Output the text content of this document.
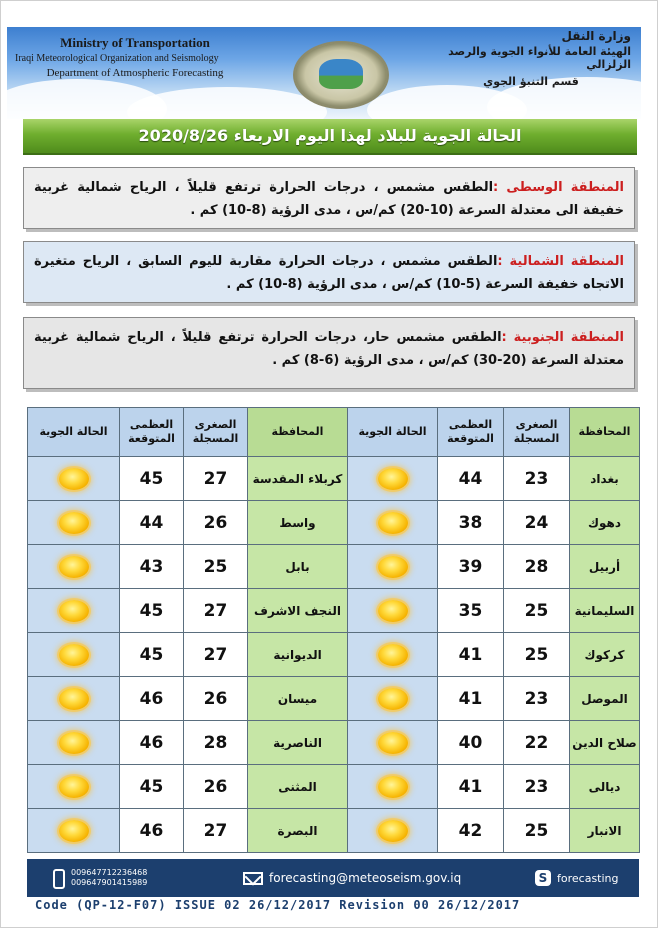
Ministry of Transportation
Iraqi Meteorological Organization and Seismology
Department of Atmospheric Forecasting
وزارة النقل
الهيئة العامة للأنواء الجوية والرصد الزلزالي
قسم التنبؤ الجوي
الحالة الجوية للبلاد لهذا اليوم الاربعاء 2020/8/26
المنطقة الوسطى :الطقس مشمس ، درجات الحرارة ترتفع قليلاً ، الرياح شمالية غربية خفيفة الى معتدلة السرعة (10-20) كم/س ، مدى الرؤية (8-10) كم .
المنطقة الشمالية :الطقس مشمس ، درجات الحرارة مقاربة لليوم السابق ، الرياح متغيرة الاتجاه خفيفة السرعة (5-10) كم/س ، مدى الرؤية (8-10) كم .
المنطقة الجنوبية :الطقس مشمس حار، درجات الحرارة ترتفع قليلاً ، الرياح شمالية غربية معتدلة السرعة (20-30) كم/س ، مدى الرؤية (6-8) كم .
المحافظة	الصغرى المسجلة	العظمى المتوقعة	الحالة الجوية	المحافظة	الصغرى المسجلة	العظمى المتوقعة	الحالة الجوية
بغداد	23	44		كربلاء المقدسة	27	45	
دهوك	24	38		واسط	26	44	
أربيل	28	39		بابل	25	43	
السليمانية	25	35		النجف الاشرف	27	45	
كركوك	25	41		الديوانية	27	45	
الموصل	23	41		ميسان	26	46	
صلاح الدين	22	40		الناصرية	28	46	
ديالى	23	41		المثنى	26	45	
الانبار	25	42		البصرة	27	46	
009647712236468
009647901415989	forecasting@meteoseism.gov.iq	S forecasting
Code (QP-12-F07) ISSUE 02 26/12/2017 Revision 00 26/12/2017
